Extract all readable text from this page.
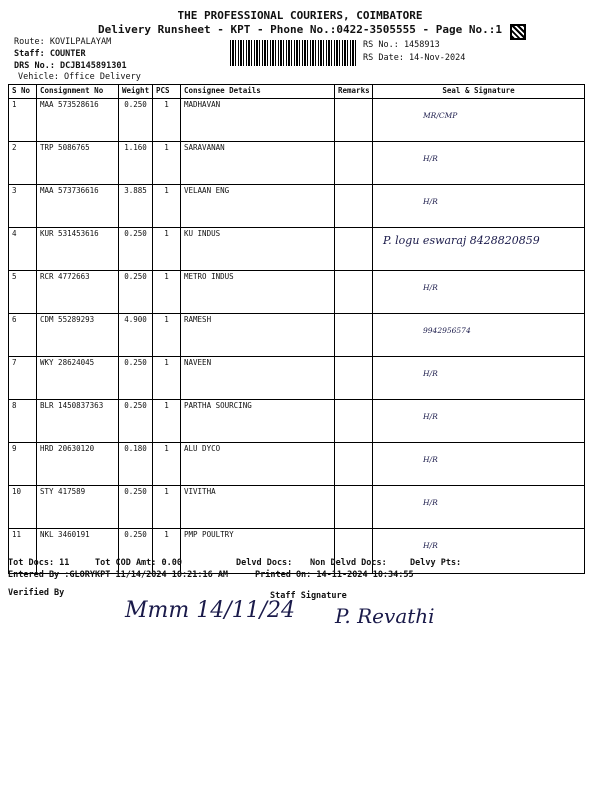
THE PROFESSIONAL COURIERS, COIMBATORE
Delivery Runsheet - KPT - Phone No.:0422-3505555 - Page No.:1
Route: KOVILPALAYAM
Staff: COUNTER
DRS No.: DCJB145891301
Vehicle: Office Delivery
RS No.: 1458913
RS Date: 14-Nov-2024
S No	Consignment No	Weight	PCS	Consignee Details	Remarks	Seal & Signature
1	MAA 573528616	0.250	1	MADHAVAN		MR/CMP

2	TRP 5086765	1.160	1	SARAVANAN		H/R

3	MAA 573736616	3.885	1	VELAAN ENG		H/R

4	KUR 531453616	0.250	1	KU INDUS		P. logu eswaraj 8428820859

5	RCR 4772663	0.250	1	METRO INDUS		H/R

6	CDM 55289293	4.900	1	RAMESH		9942956574

7	WKY 28624045	0.250	1	NAVEEN		H/R

8	BLR 1450837363	0.250	1	PARTHA SOURCING		H/R

9	HRD 20630120	0.180	1	ALU DYCO		H/R

10	STY 417589	0.250	1	VIVITHA		H/R

11	NKL 3460191	0.250	1	PMP POULTRY		H/R
Tot Docs: 11	Tot COD Amt: 0.00	Delvd Docs: Non Delvd Docs:	Delvy Pts:
Entered By :GLORYKPT 11/14/2024 10:21:16 AM	Printed On: 14-11-2024 10:34:55
Verified By	Staff Signature
Mmm 14/11/24 P. Revathi
